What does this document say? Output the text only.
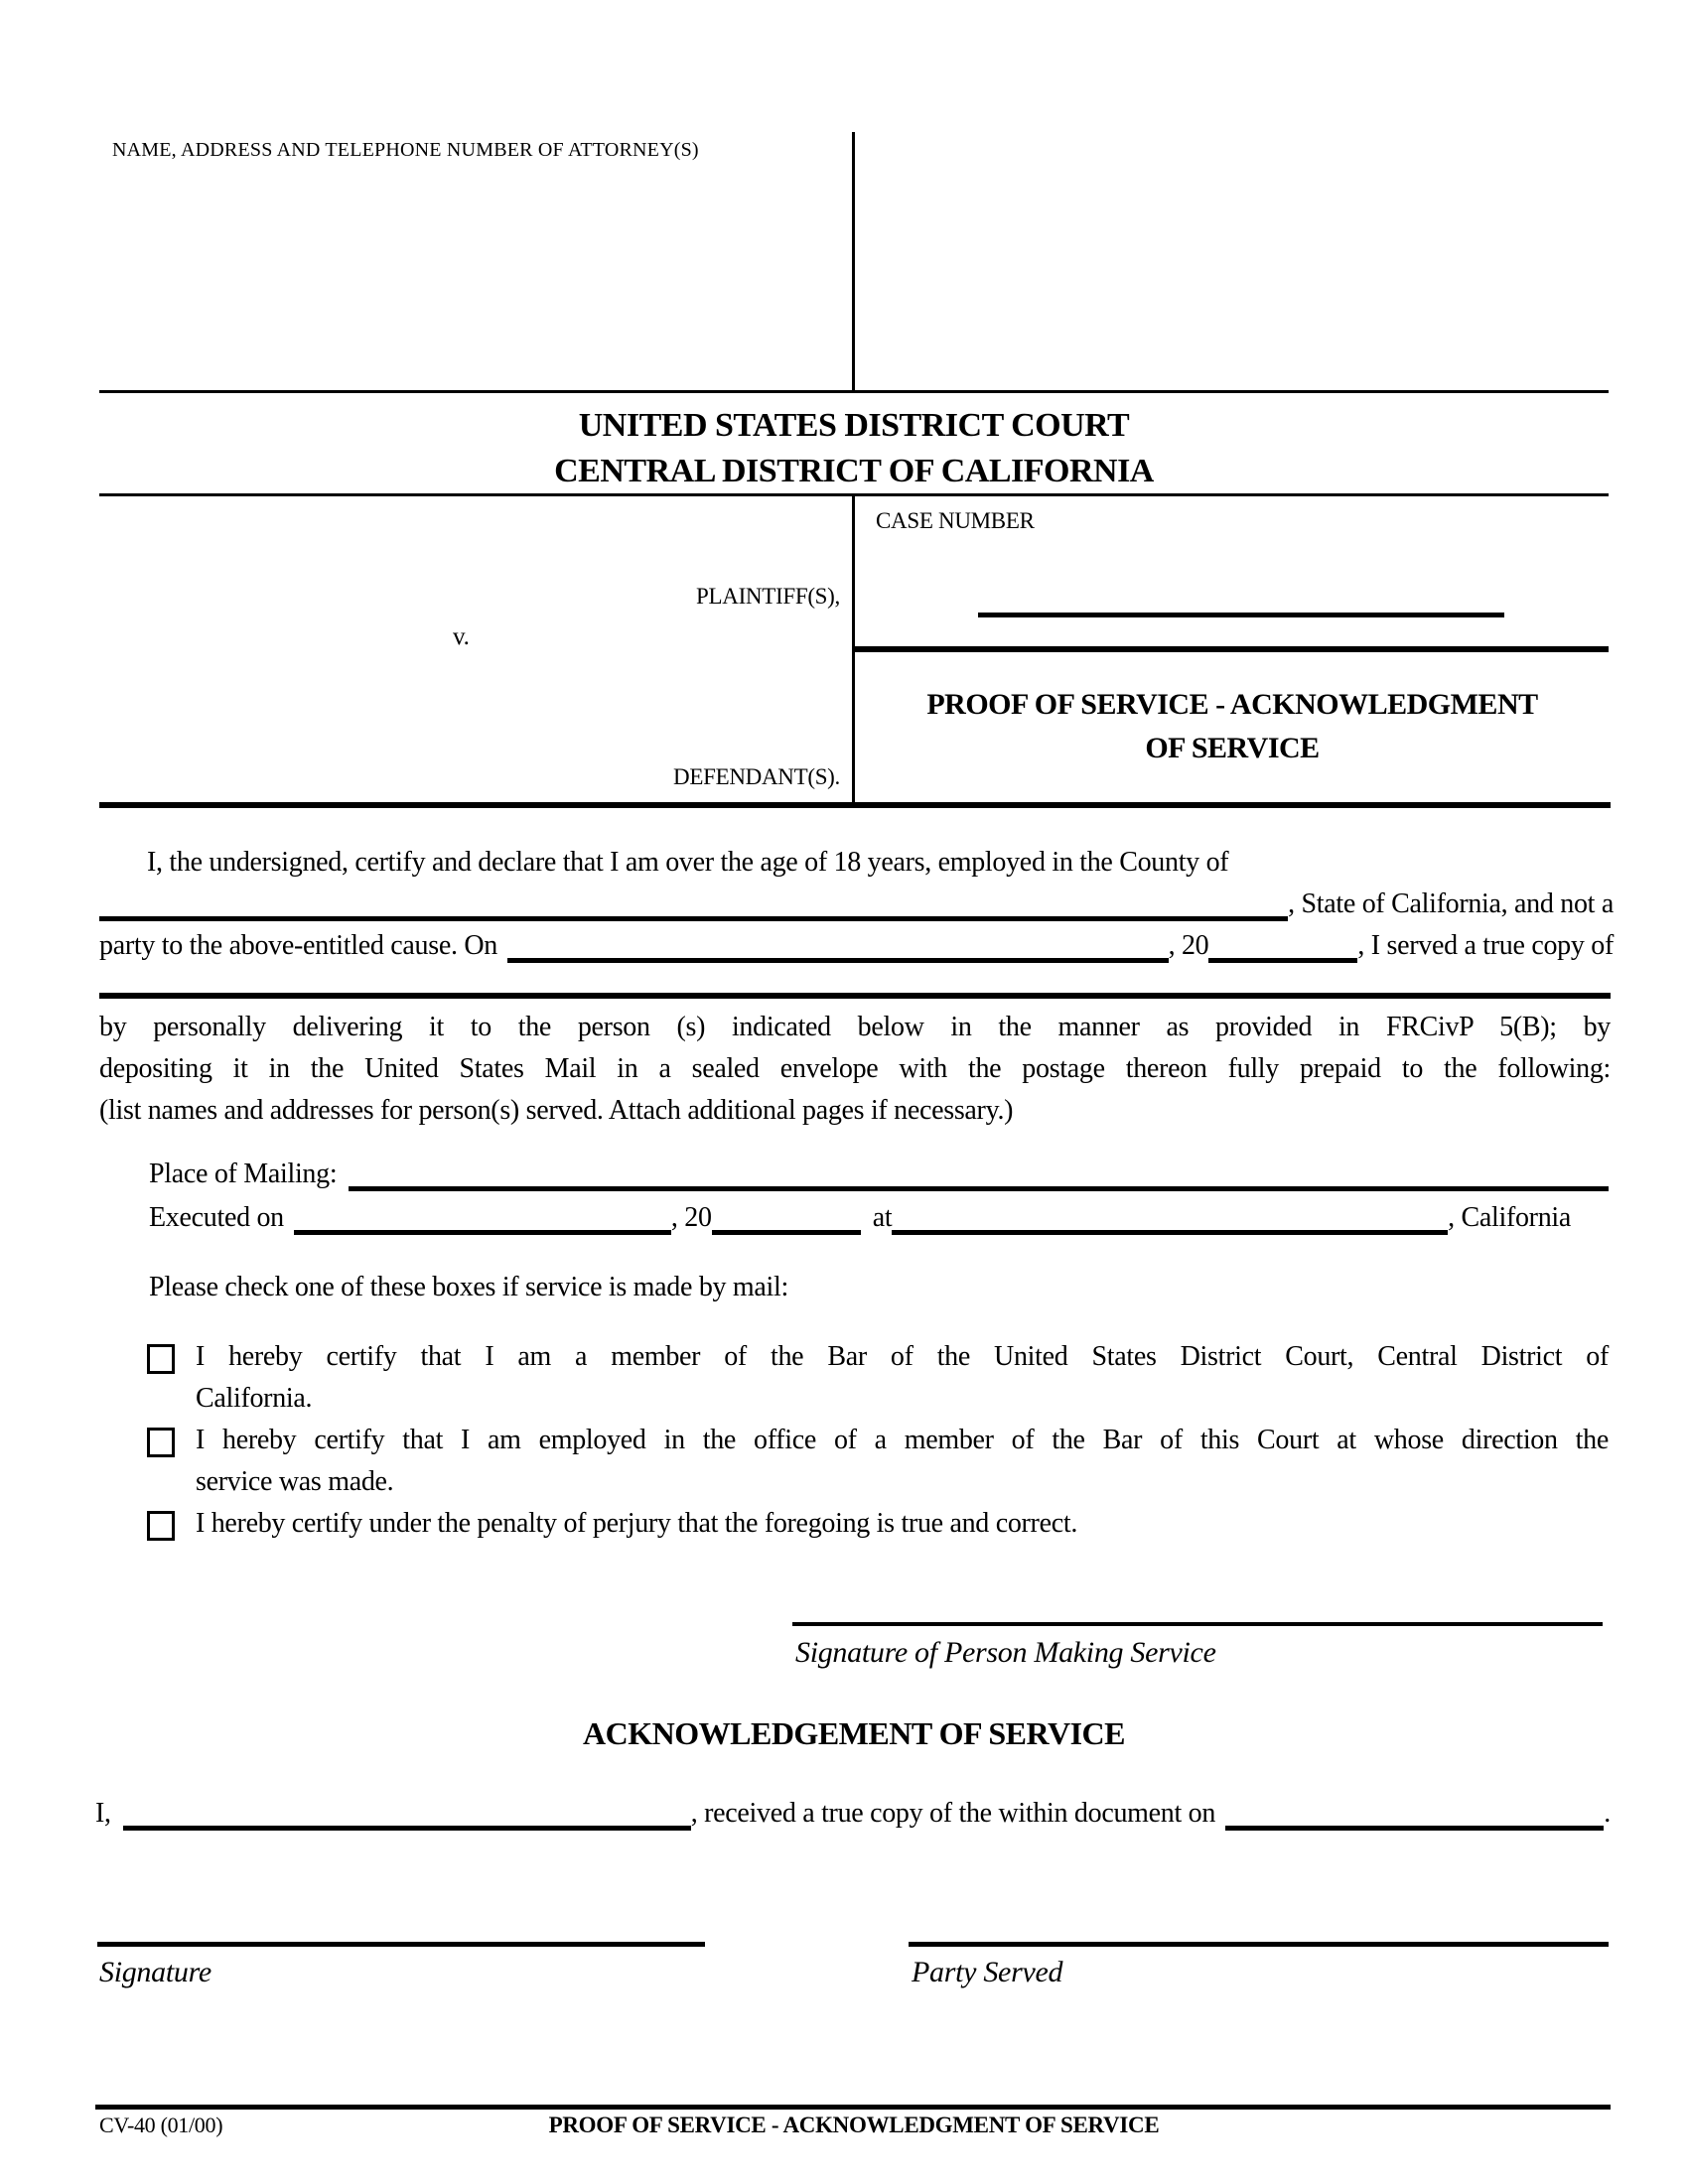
NAME, ADDRESS AND TELEPHONE NUMBER OF ATTORNEY(S)
UNITED STATES DISTRICT COURT
CENTRAL DISTRICT OF CALIFORNIA
PLAINTIFF(S),
v.
DEFENDANT(S).
CASE NUMBER
PROOF OF SERVICE - ACKNOWLEDGMENT
OF SERVICE
I, the undersigned, certify and declare that I am over the age of 18 years, employed in the County of
, State of California, and not a
party to the above-entitled cause. On	, 20	, I served a true copy of
by personally delivering it to the person (s) indicated below in the manner as provided in FRCivP 5(B); by
depositing it in the United States Mail in a sealed envelope with the postage thereon fully prepaid to the following:
(list names and addresses for person(s) served. Attach additional pages if necessary.)
Place of Mailing:
Executed on	, 20	at	, California
Please check one of these boxes if service is made by mail:
I hereby certify that I am a member of the Bar of the United States District Court, Central District of
California.
I hereby certify that I am employed in the office of a member of the Bar of this Court at whose direction the
service was made.
I hereby certify under the penalty of perjury that the foregoing is true and correct.
Signature of Person Making Service
ACKNOWLEDGEMENT OF SERVICE
I,	, received a true copy of the within document on	.
Signature	Party Served
CV-40 (01/00)	PROOF OF SERVICE - ACKNOWLEDGMENT OF SERVICE
